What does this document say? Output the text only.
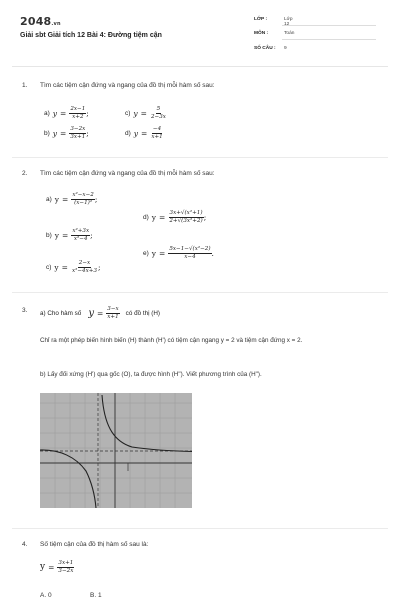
2048.vn
Giải sbt Giải tích 12 Bài 4: Đường tiệm cận
LỚP :	Lớp 12
MÔN :	Toán
SỐ CÂU :	9
1. Tìm các tiệm cận đứng và ngang của đồ thị mỗi hàm số sau:
a) $y = \frac{2x-1}{x+2}$ ;	c) $y = \frac{5}{2-3x}$
b) $y = \frac{3-2x}{3x+1}$ ;	d) $y = \frac{-4}{x+1}$
2. Tìm các tiệm cận đứng và ngang của đồ thị mỗi hàm số sau:
a) $y = \frac{\text{x²−x−2}}{\text{(x−1)²}}$ ;
b) $y = \frac{\text{x²+3x}}{\text{x²−4}}$ ;
c) $y = \frac{2-x}{\text{x²−4x+3}}$ ;
d) $y = \frac{\text{3x+√(x²+1)}}{\text{2+√(3x²+2)}}$ ;
e) $y = \frac{\text{5x−1−√(x²−2)}}{x-4}$ .
3. a) Cho hàm số $y = \frac{3-x}{x+1}$ có đồ thị (H)
Chỉ ra một phép biến hình biến (H) thành (H') có tiệm cận ngang y = 2 và tiệm cận đứng x = 2.
b) Lấy đối xứng (H') qua gốc (O), ta được hình (H"). Viết phương trình của (H").
4. Số tiệm cận của đồ thị hàm số sau là:
$y = \frac{3x+1}{3-2x}$
A. 0	B. 1
